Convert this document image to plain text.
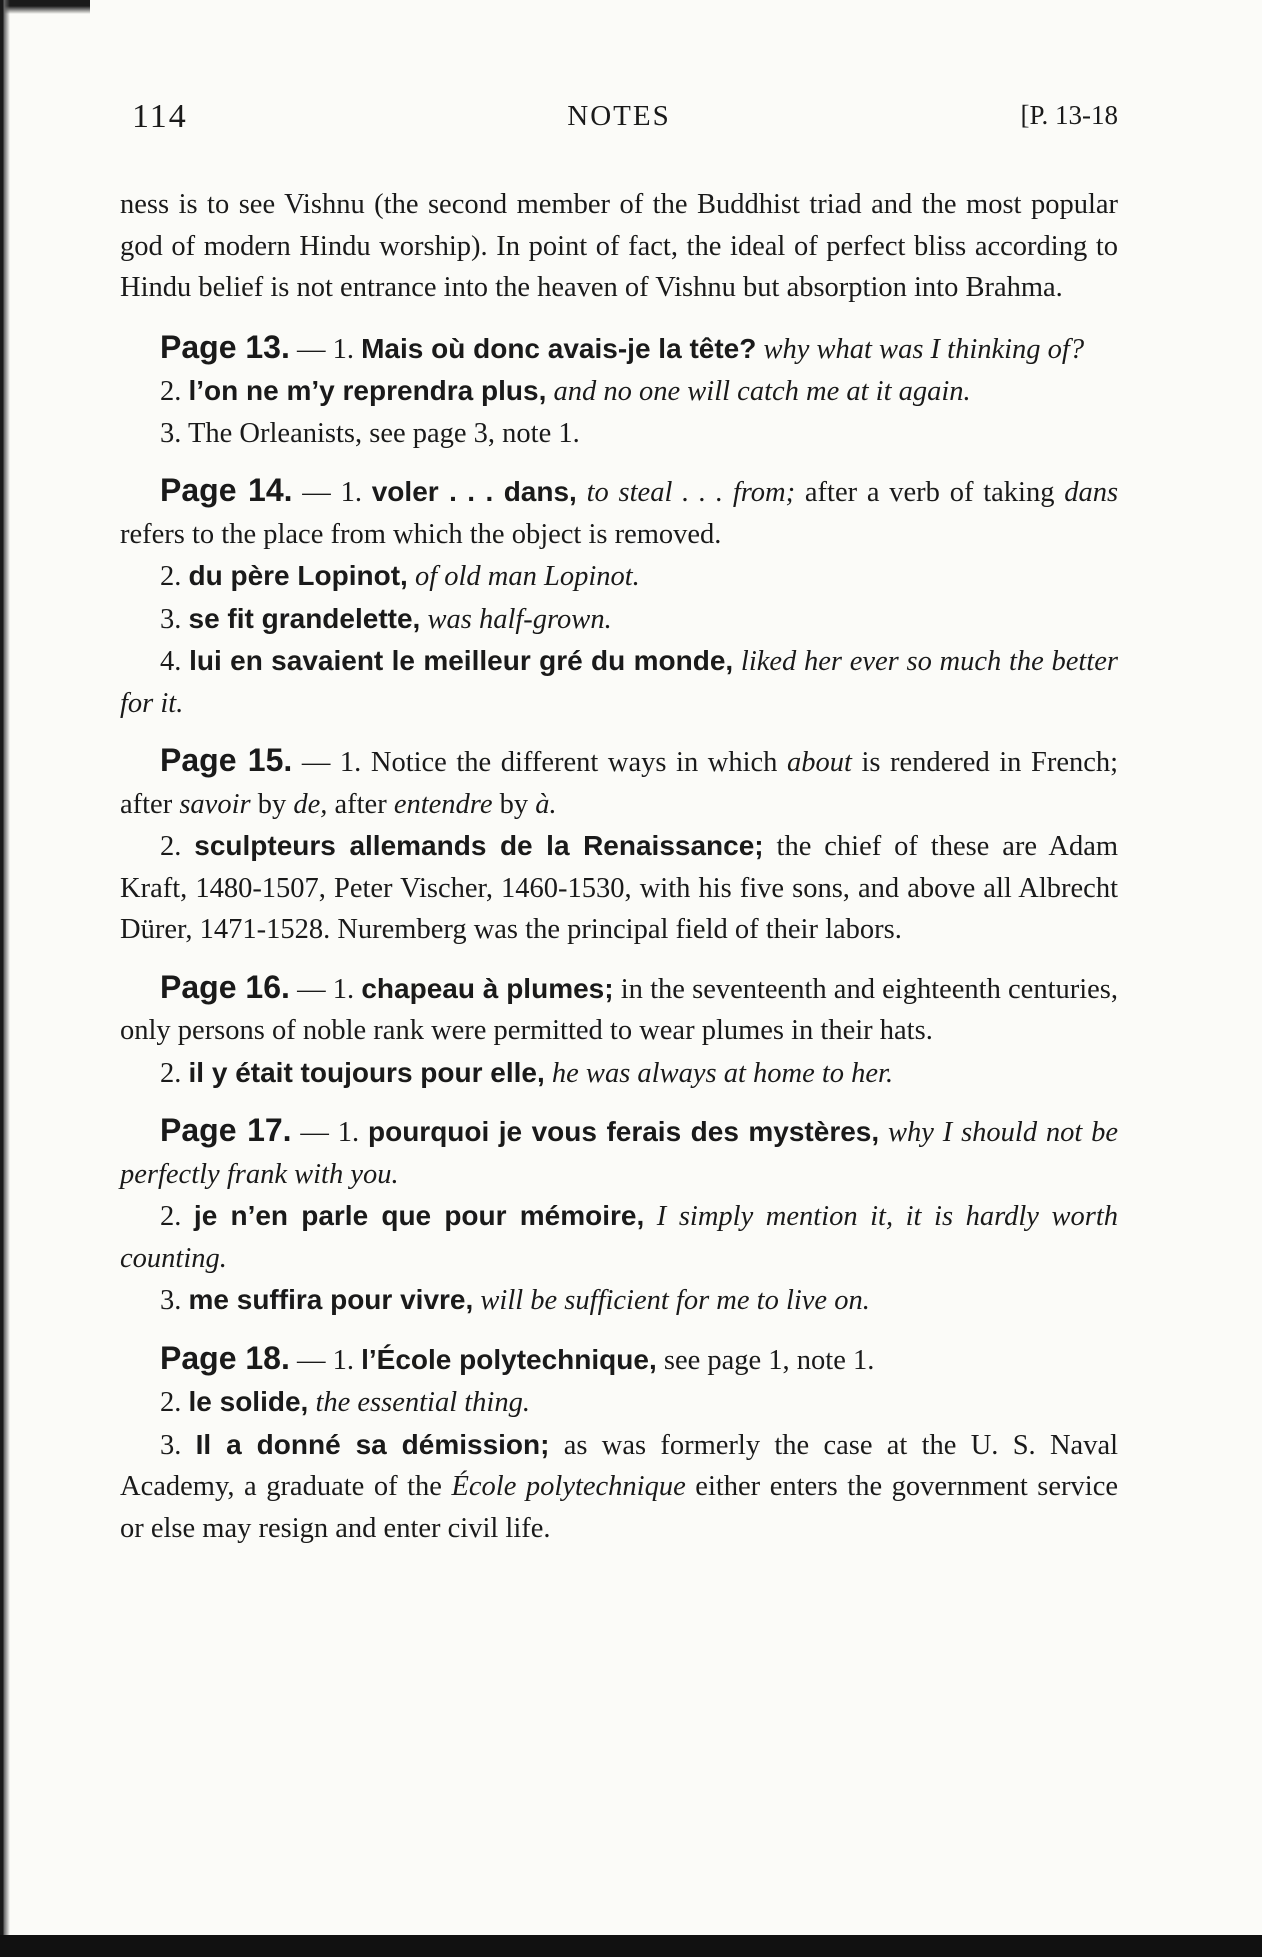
114	NOTES	[P. 13-18

ness is to see Vishnu (the second member of the Buddhist triad and the most popular god of modern Hindu worship). In point of fact, the ideal of perfect bliss according to Hindu belief is not entrance into the heaven of Vishnu but absorption into Brahma.

Page 13. — 1. Mais où donc avais-je la tête? why what was I thinking of?

2. l’on ne m’y reprendra plus, and no one will catch me at it again.

3. The Orleanists, see page 3, note 1.

Page 14. — 1. voler . . . dans, to steal . . . from; after a verb of taking dans refers to the place from which the object is removed.

2. du père Lopinot, of old man Lopinot.

3. se fit grandelette, was half-grown.

4. lui en savaient le meilleur gré du monde, liked her ever so much the better for it.

Page 15. — 1. Notice the different ways in which about is rendered in French; after savoir by de, after entendre by à.

2. sculpteurs allemands de la Renaissance; the chief of these are Adam Kraft, 1480-1507, Peter Vischer, 1460-1530, with his five sons, and above all Albrecht Dürer, 1471-1528. Nuremberg was the principal field of their labors.

Page 16. — 1. chapeau à plumes; in the seventeenth and eighteenth centuries, only persons of noble rank were permitted to wear plumes in their hats.

2. il y était toujours pour elle, he was always at home to her.

Page 17. — 1. pourquoi je vous ferais des mystères, why I should not be perfectly frank with you.

2. je n’en parle que pour mémoire, I simply mention it, it is hardly worth counting.

3. me suffira pour vivre, will be sufficient for me to live on.

Page 18. — 1. l’École polytechnique, see page 1, note 1.

2. le solide, the essential thing.

3. Il a donné sa démission; as was formerly the case at the U. S. Naval Academy, a graduate of the École polytechnique either enters the government service or else may resign and enter civil life.
